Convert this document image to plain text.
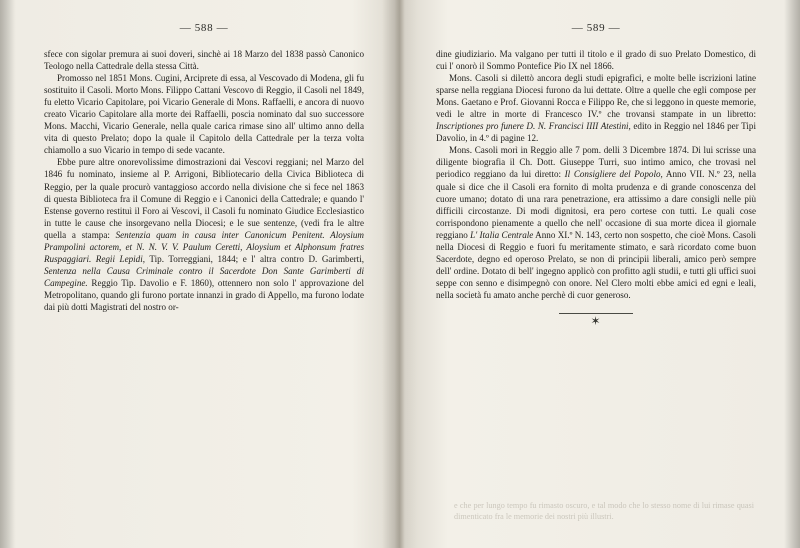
— 588 —

sfece con sigolar premura ai suoi doveri, sinchè ai 18 Marzo del 1838 passò Canonico Teologo nella Cattedrale della stessa Città.

Promosso nel 1851 Mons. Cugini, Arciprete di essa, al Vescovado di Modena, gli fu sostituito il Casoli. Morto Mons. Filippo Cattani Vescovo di Reggio, il Casoli nel 1849, fu eletto Vicario Capitolare, poi Vicario Generale di Mons. Raffaelli, e ancora di nuovo creato Vicario Capitolare alla morte dei Raffaelli, poscia nominato dal suo successore Mons. Macchi, Vicario Generale, nella quale carica rimase sino all' ultimo anno della vita di questo Prelato; dopo la quale il Capitolo della Cattedrale per la terza volta chiamollo a suo Vicario in tempo di sede vacante.

Ebbe pure altre onorevolissime dimostrazioni dai Vescovi reggiani; nel Marzo del 1846 fu nominato, insieme al P. Arrigoni, Bibliotecario della Civica Biblioteca di Reggio, per la quale procurò vantaggioso accordo nella divisione che si fece nel 1863 di questa Biblioteca fra il Comune di Reggio e i Canonici della Cattedrale; e quando l' Estense governo restituì il Foro ai Vescovi, il Casoli fu nominato Giudice Ecclesiastico in tutte le cause che insorgevano nella Diocesi; e le sue sentenze, (vedi fra le altre quella a stampa: Sentenzia quam in causa inter Canonicum Penitent. Aloysium Prampolini actorem, et N. N. V. V. Paulum Ceretti, Aloysium et Alphonsum fratres Ruspaggiari. Regii Lepidi, Tip. Torreggiani, 1844; e l' altra contro D. Garimberti, Sentenza nella Causa Criminale contro il Sacerdote Don Sante Garimberti di Campegine. Reggio Tip. Davolio e F. 1860), ottennero non solo l' approvazione del Metropolitano, quando gli furono portate innanzi in grado di Appello, ma furono lodate dai più dotti Magistrati del nostro or-

— 589 —

dine giudiziario. Ma valgano per tutti il titolo e il grado di suo Prelato Domestico, di cui l' onorò il Sommo Pontefice Pio IX nel 1866.

Mons. Casoli si dilettò ancora degli studi epigrafici, e molte belle iscrizioni latine sparse nella reggiana Diocesi furono da lui dettate. Oltre a quelle che egli compose per Mons. Gaetano e Prof. Giovanni Rocca e Filippo Re, che si leggono in queste memorie, vedi le altre in morte di Francesco IV.º che trovansi stampate in un libretto: Inscriptiones pro funere D. N. Francisci IIII Atestini, edito in Reggio nel 1846 per Tipi Davolio, in 4.º di pagine 12.

Mons. Casoli morì in Reggio alle 7 pom. delli 3 Dicembre 1874. Di lui scrisse una diligente biografia il Ch. Dott. Giuseppe Turri, suo intimo amico, che trovasi nel periodico reggiano da lui diretto: Il Consigliere del Popolo, Anno VII. N.º 23, nella quale si dice che il Casoli era fornito di molta prudenza e di grande conoscenza del cuore umano; dotato di una rara penetrazione, era attissimo a dare consigli nelle più difficili circostanze. Di modi dignitosi, era pero cortese con tutti. Le quali cose corrispondono pienamente a quello che nell' occasione di sua morte dicea il giornale reggiano L' Italia Centrale Anno XI.º N. 143, certo non sospetto, che cioè Mons. Casoli nella Diocesi di Reggio e fuori fu meritamente stimato, e sarà ricordato come buon Sacerdote, degno ed operoso Prelato, se non di principii liberali, amico però sempre dell' ordine. Dotato di bell' ingegno applicò con profitto agli studii, e tutti gli uffici suoi seppe con senno e disimpegnò con onore. Nel Clero molti ebbe amici ed egni e leali, nella società fu amato anche perchè di cuor generoso.

✶
e che per lungo tempo fu rimasto oscuro, e tal modo che lo stesso nome di lui rimase quasi dimenticato fra le memorie dei nostri più illustri.
